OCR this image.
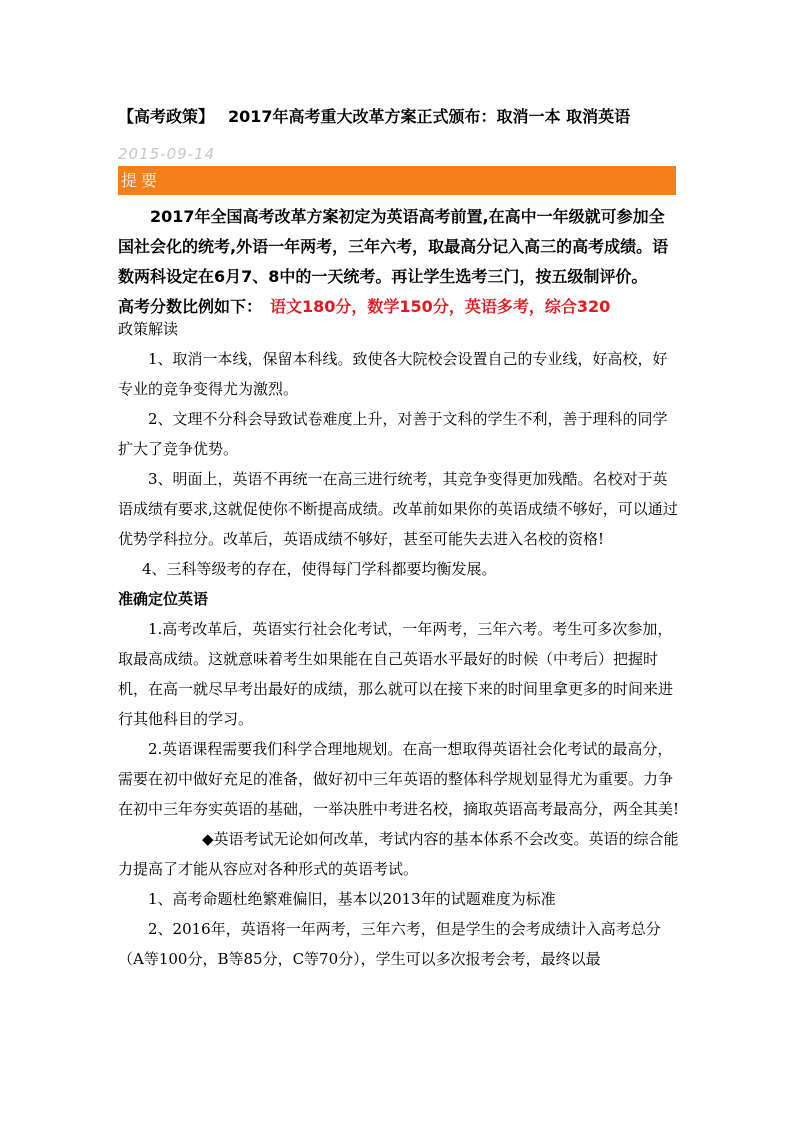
【高考政策】 2017年高考重大改革方案正式颁布：取消一本 取消英语
2015-09-14
提要

2017年全国高考改革方案初定为英语高考前置,在高中一年级就可参加全国社会化的统考,外语一年两考，三年六考，取最高分记入高三的高考成绩。语数两科设定在6月7、8中的一天统考。再让学生选考三门，按五级制评价。

高考分数比例如下： 语文180分，数学150分，英语多考，综合320

政策解读

1、取消一本线，保留本科线。致使各大院校会设置自己的专业线，好高校，好专业的竞争变得尤为激烈。

2、文理不分科会导致试卷难度上升，对善于文科的学生不利，善于理科的同学扩大了竞争优势。

3、明面上，英语不再统一在高三进行统考，其竞争变得更加残酷。名校对于英语成绩有要求,这就促使你不断提高成绩。改革前如果你的英语成绩不够好，可以通过优势学科拉分。改革后，英语成绩不够好，甚至可能失去进入名校的资格!

4、三科等级考的存在，使得每门学科都要均衡发展。

准确定位英语

1.高考改革后，英语实行社会化考试，一年两考，三年六考。考生可多次参加，取最高成绩。这就意味着考生如果能在自己英语水平最好的时候（中考后）把握时机，在高一就尽早考出最好的成绩，那么就可以在接下来的时间里拿更多的时间来进行其他科目的学习。

2.英语课程需要我们科学合理地规划。在高一想取得英语社会化考试的最高分，需要在初中做好充足的准备，做好初中三年英语的整体科学规划显得尤为重要。力争在初中三年夯实英语的基础，一举决胜中考进名校，摘取英语高考最高分，两全其美!

◆英语考试无论如何改革，考试内容的基本体系不会改变。英语的综合能力提高了才能从容应对各种形式的英语考试。

1、高考命题杜绝繁难偏旧，基本以2013年的试题难度为标准

2、2016年，英语将一年两考，三年六考，但是学生的会考成绩计入高考总分（A等100分，B等85分，C等70分），学生可以多次报考会考，最终以最
